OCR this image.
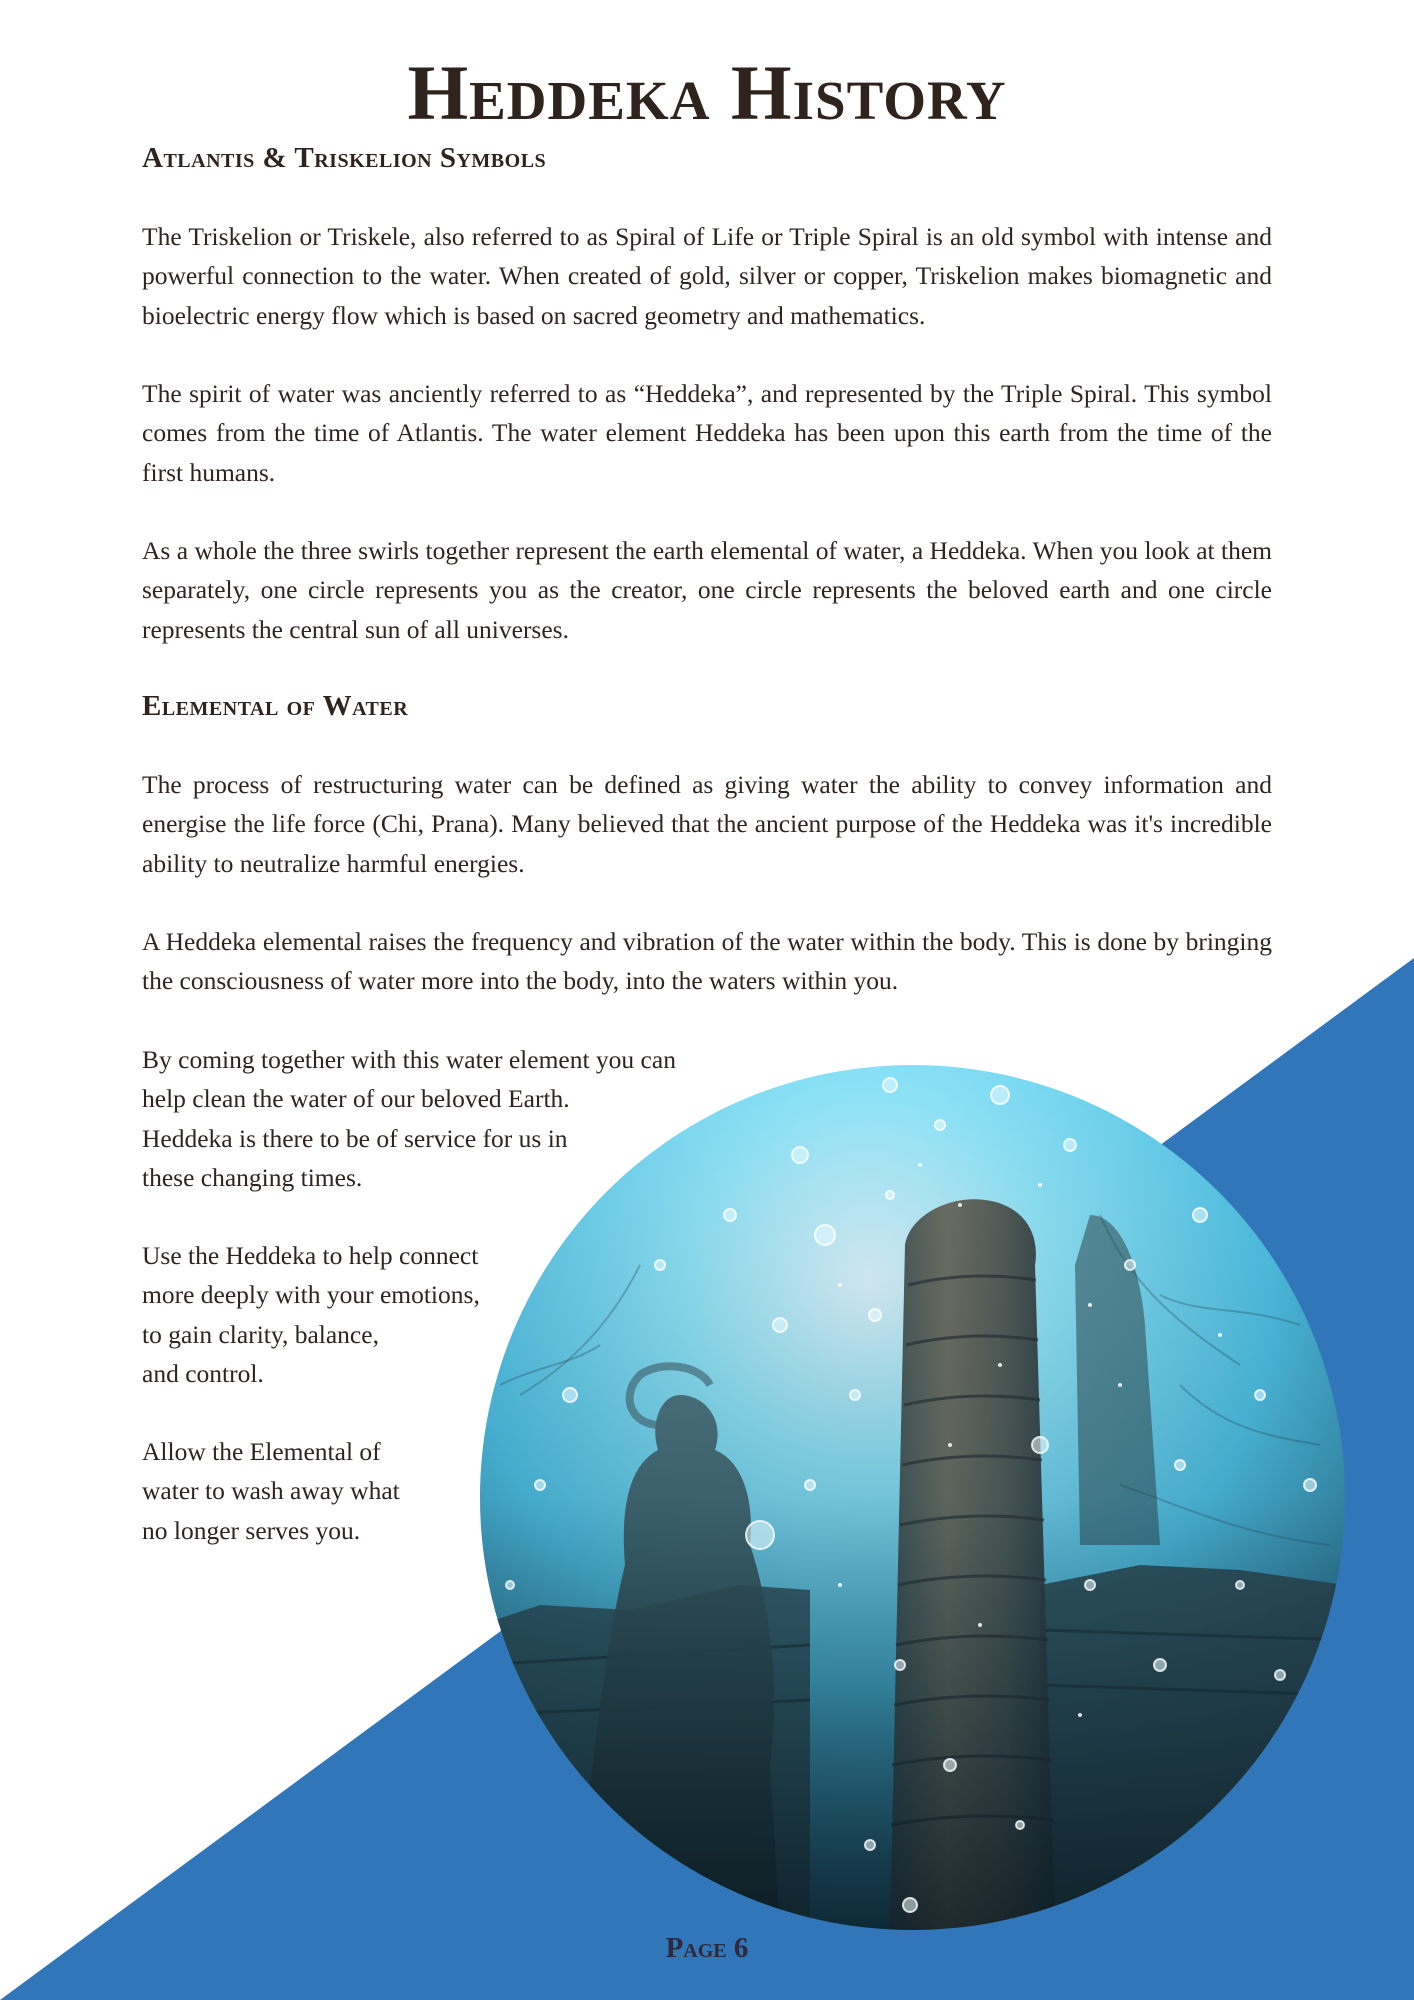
Heddeka History
Atlantis & Triskelion Symbols

The Triskelion or Triskele, also referred to as Spiral of Life or Triple Spiral is an old symbol with intense and powerful connection to the water. When created of gold, silver or copper, Triskelion makes biomagnetic and bioelectric energy flow which is based on sacred geometry and mathematics.

The spirit of water was anciently referred to as “Heddeka”, and represented by the Triple Spiral. This symbol comes from the time of Atlantis. The water element Heddeka has been upon this earth from the time of the first humans.

As a whole the three swirls together represent the earth elemental of water, a Heddeka. When you look at them separately, one circle represents you as the creator, one circle represents the beloved earth and one circle represents the central sun of all universes.

Elemental of Water

The process of restructuring water can be defined as giving water the ability to convey information and energise the life force (Chi, Prana). Many believed that the ancient purpose of the Heddeka was it's incredible ability to neutralize harmful energies.

A Heddeka elemental raises the frequency and vibration of the water within the body. This is done by bringing the consciousness of water more into the body, into the waters within you.

By coming together with this water element you can
help clean the water of our beloved Earth.
Heddeka is there to be of service for us in
these changing times.

Use the Heddeka to help connect
more deeply with your emotions,
to gain clarity, balance,
and control.

Allow the Elemental of
water to wash away what
no longer serves you.

Page 6
